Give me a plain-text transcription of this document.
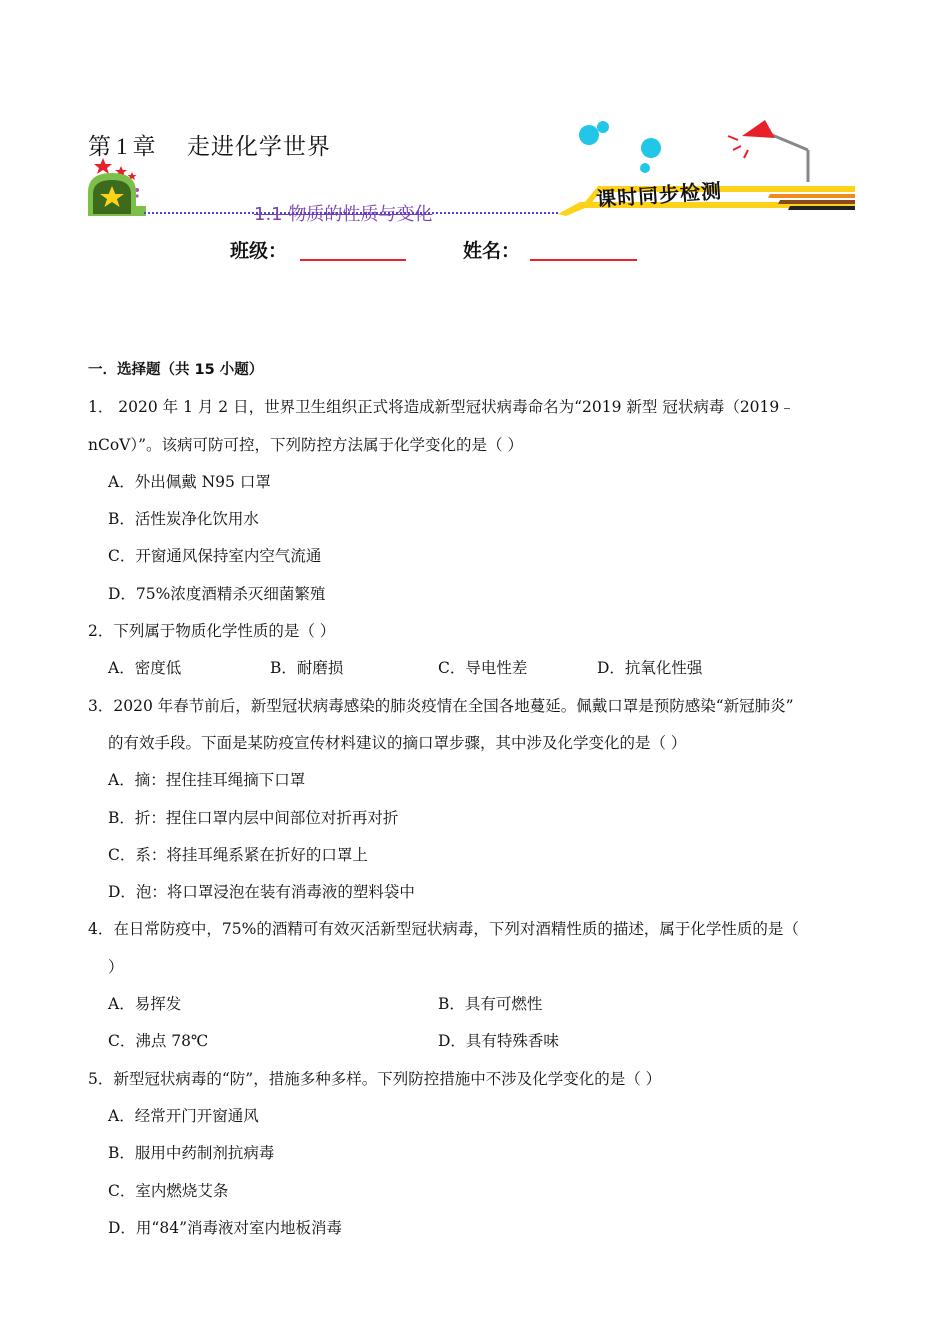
第 1 章 走进化学世界
1.1 物质的性质与变化
课时同步检测
班级：	姓名：
一．选择题（共 15 小题）
1． 2020 年 1 月 2 日，世界卫生组织正式将造成新型冠状病毒命名为“2019 新型 冠状病毒（2019﹣
nCoV）”。该病可防可控，下列防控方法属于化学变化的是（ ）
A．外出佩戴 N95 口罩
B．活性炭净化饮用水
C．开窗通风保持室内空气流通
D．75%浓度酒精杀灭细菌繁殖
2．下列属于物质化学性质的是（ ）
A．密度低	B．耐磨损	C．导电性差	D．抗氧化性强
3．2020 年春节前后，新型冠状病毒感染的肺炎疫情在全国各地蔓延。佩戴口罩是预防感染“新冠肺炎”
的有效手段。下面是某防疫宣传材料建议的摘口罩步骤，其中涉及化学变化的是（ ）
A．摘：捏住挂耳绳摘下口罩
B．折：捏住口罩内层中间部位对折再对折
C．系：将挂耳绳系紧在折好的口罩上
D．泡：将口罩浸泡在装有消毒液的塑料袋中
4．在日常防疫中，75%的酒精可有效灭活新型冠状病毒，下列对酒精性质的描述，属于化学性质的是（
）
A．易挥发	B．具有可燃性
C．沸点 78℃	D．具有特殊香味
5．新型冠状病毒的“防”，措施多种多样。下列防控措施中不涉及化学变化的是（ ）
A．经常开门开窗通风
B．服用中药制剂抗病毒
C．室内燃烧艾条
D．用“84”消毒液对室内地板消毒
